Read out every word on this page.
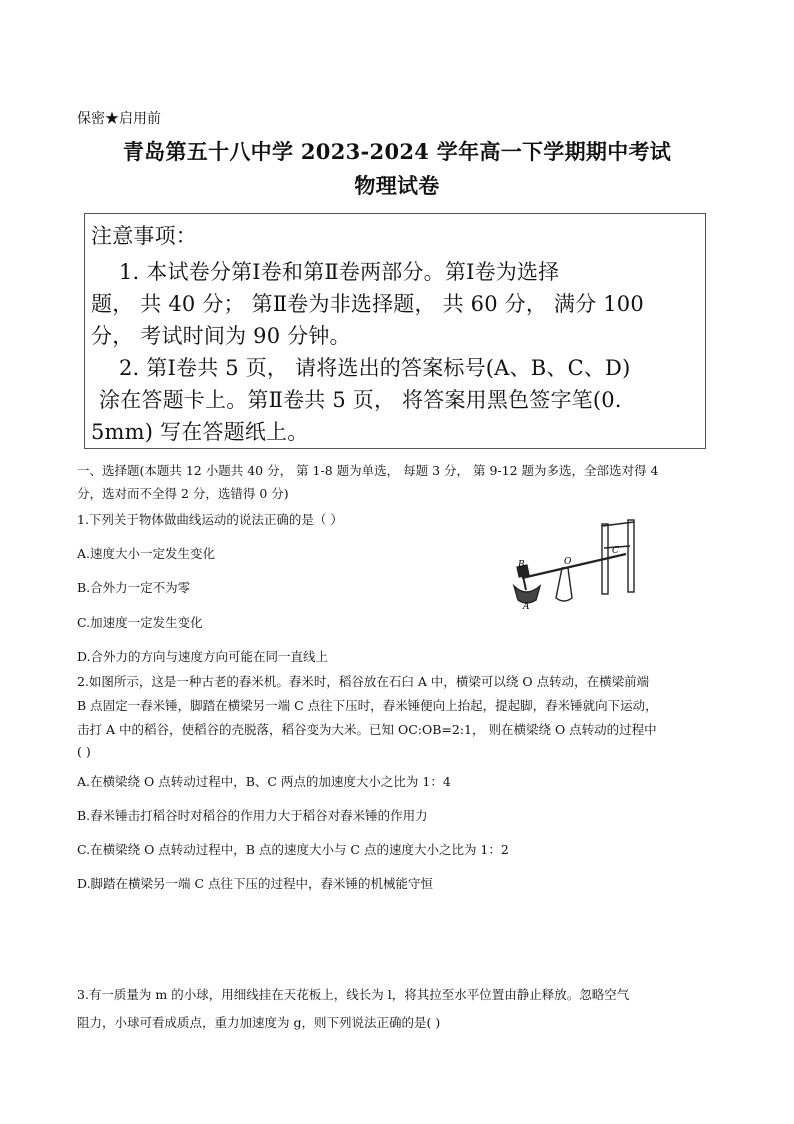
保密★启用前
青岛第五十八中学 2023-2024 学年高一下学期期中考试
物理试卷
注意事项：
1. 本试卷分第Ⅰ卷和第Ⅱ卷两部分。第Ⅰ卷为选择
题， 共 40 分； 第Ⅱ卷为非选择题， 共 60 分， 满分 100
分， 考试时间为 90 分钟。
2. 第Ⅰ卷共 5 页， 请将选出的答案标号(A、B、C、D)
涂在答题卡上。第Ⅱ卷共 5 页， 将答案用黑色签字笔(0.
5mm) 写在答题纸上。
一、选择题(本题共 12 小题共 40 分， 第 1-8 题为单选， 每题 3 分， 第 9-12 题为多选，全部选对得 4
分，选对而不全得 2 分，选错得 0 分)
1.下列关于物体做曲线运动的说法正确的是（ ）
A.速度大小一定发生变化
B.合外力一定不为零
C.加速度一定发生变化
D.合外力的方向与速度方向可能在同一直线上
B	O
C
A
2.如图所示，这是一种古老的舂米机。舂米时，稻谷放在石臼 A 中，横梁可以绕 O 点转动，在横梁前端
B 点固定一舂米锤，脚踏在横梁另一端 C 点往下压时，舂米锤便向上抬起，提起脚，舂米锤就向下运动，
击打 A 中的稻谷，使稻谷的壳脱落，稻谷变为大米。已知 OC:OB=2:1， 则在横梁绕 O 点转动的过程中
( )
A.在横梁绕 O 点转动过程中，B、C 两点的加速度大小之比为 1：4
B.舂米锤击打稻谷时对稻谷的作用力大于稻谷对舂米锤的作用力
C.在横梁绕 O 点转动过程中，B 点的速度大小与 C 点的速度大小之比为 1：2
D.脚踏在横梁另一端 C 点往下压的过程中，舂米锤的机械能守恒
3.有一质量为 m 的小球，用细线挂在天花板上，线长为 l，将其拉至水平位置由静止释放。忽略空气
阻力，小球可看成质点，重力加速度为 g，则下列说法正确的是( )
